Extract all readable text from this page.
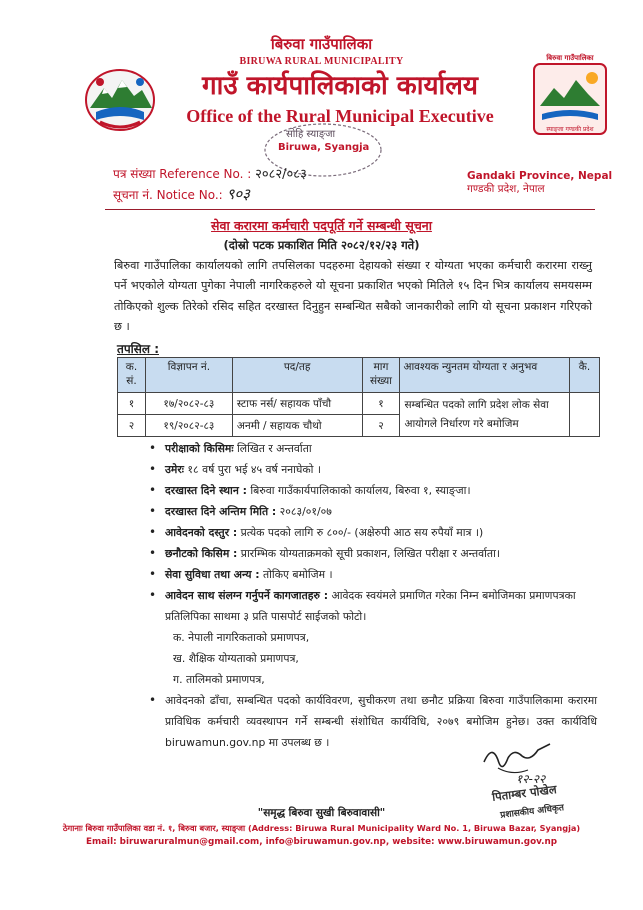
बिरुवा गाउँपालिका
BIRUWA RURAL MUNICIPALITY
गाउँ कार्यपालिकाको कार्यालय
Office of the Rural Municipal Executive
बिरुवा गाउँपालिका
स्याङ्जा गण्डकी प्रदेश
सोहि स्याङ्जा
Biruwa, Syangja
पत्र संख्या Reference No. : २०८२/०८३
सूचना नं. Notice No.: ९०३
Gandaki Province, Nepal
गण्डकी प्रदेश, नेपाल
सेवा करारमा कर्मचारी पदपूर्ति गर्ने सम्बन्धी सूचना
(दोस्रो पटक प्रकाशित मिति २०८२/१२/२३ गते)
बिरुवा गाउँपालिका कार्यालयको लागि तपसिलका पदहरुमा देहायको संख्या र योग्यता भएका कर्मचारी करारमा राख्नु पर्ने भएकोले योग्यता पुगेका नेपाली नागरिकहरुले यो सूचना प्रकाशित भएको मितिले १५ दिन भित्र कार्यालय समयसम्म तोकिएको शुल्क तिरेको रसिद सहित दरखास्त दिनुहुन सम्बन्धित सबैको जानकारीको लागि यो सूचना प्रकाशन गरिएको छ ।
तपसिल :
क. सं.	विज्ञापन नं.	पद/तह	माग संख्या	आवश्यक न्युनतम योग्यता र अनुभव	कै.
१	१७/२०८२-८३	स्टाफ नर्स/ सहायक पाँचौ	१	सम्बन्धित पदको लागि प्रदेश लोक सेवा आयोगले निर्धारण गरे बमोजिम	
२	१९/२०८२-८३	अनमी / सहायक चौथो	२		
• परीक्षाको किसिमः लिखित र अन्तर्वाता
• उमेरः १८ वर्ष पुरा भई ४५ वर्ष ननाघेको ।
• दरखास्त दिने स्थान : बिरुवा गाउँकार्यपालिकाको कार्यालय, बिरुवा १, स्याङ्जा।
• दरखास्त दिने अन्तिम मिति : २०८३/०१/०७
• आवेदनको दस्तुर : प्रत्येक पदको लागि रु ८००/- (अक्षेरुपी आठ सय रुपैयाँ मात्र ।)
• छनौटको किसिम : प्रारम्भिक योग्यताक्रमको सूची प्रकाशन, लिखित परीक्षा र अन्तर्वाता।
• सेवा सुविधा तथा अन्य : तोकिए बमोजिम ।
• आवेदन साथ संलग्न गर्नुपर्ने कागजातहरु : आवेदक स्वयंमले प्रमाणित गरेका निम्न बमोजिमका प्रमाणपत्रका प्रतिलिपिका साथमा ३ प्रति पासपोर्ट साईजको फोटो।
क. नेपाली नागरिकताको प्रमाणपत्र,
ख. शैक्षिक योग्यताको प्रमाणपत्र,
ग. तालिमको प्रमाणपत्र,
• आवेदनको ढाँचा, सम्बन्धित पदको कार्यविवरण, सुचीकरण तथा छनौट प्रक्रिया बिरुवा गाउँपालिकामा करारमा प्राविधिक कर्मचारी व्यवस्थापन गर्ने सम्बन्धी संशोधित कार्यविधि, २०७९ बमोजिम हुनेछ। उक्त कार्यविधि biruwamun.gov.np मा उपलब्ध छ ।
१२-२२
पिताम्बर पोखेल
प्रशासकीय अधिकृत
"समृद्ध बिरुवा सुखी बिरुवावासी"
ठेगानाः बिरुवा गाउँपालिका वडा नं. १, बिरुवा बजार, स्याङ्जा (Address: Biruwa Rural Municipality Ward No. 1, Biruwa Bazar, Syangja)
Email: biruwaruralmun@gmail.com, info@biruwamun.gov.np, website: www.biruwamun.gov.np
